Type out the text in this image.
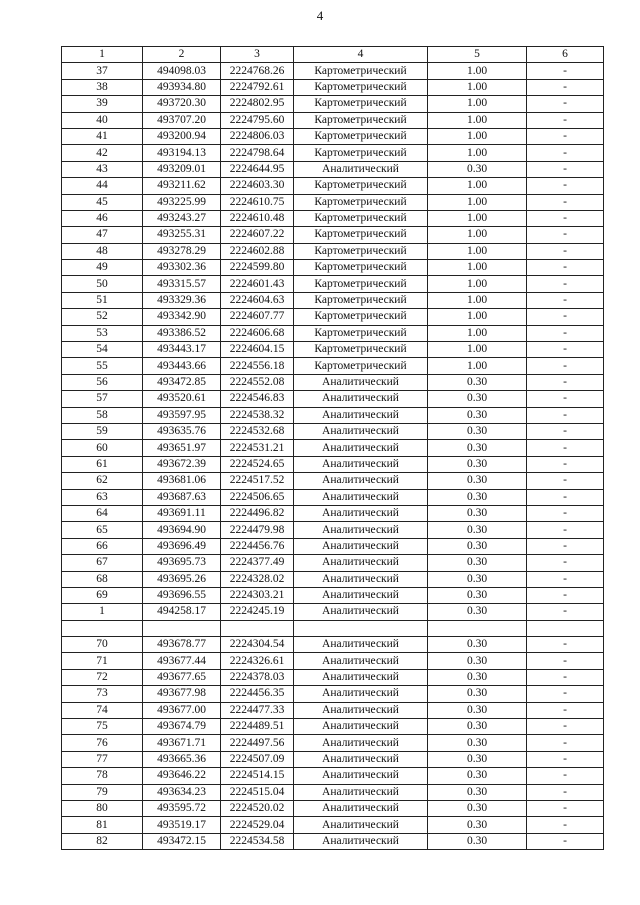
4
1	2	3	4	5	6
37	494098.03	2224768.26	Картометрический	1.00	-
38	493934.80	2224792.61	Картометрический	1.00	-
39	493720.30	2224802.95	Картометрический	1.00	-
40	493707.20	2224795.60	Картометрический	1.00	-
41	493200.94	2224806.03	Картометрический	1.00	-
42	493194.13	2224798.64	Картометрический	1.00	-
43	493209.01	2224644.95	Аналитический	0.30	-
44	493211.62	2224603.30	Картометрический	1.00	-
45	493225.99	2224610.75	Картометрический	1.00	-
46	493243.27	2224610.48	Картометрический	1.00	-
47	493255.31	2224607.22	Картометрический	1.00	-
48	493278.29	2224602.88	Картометрический	1.00	-
49	493302.36	2224599.80	Картометрический	1.00	-
50	493315.57	2224601.43	Картометрический	1.00	-
51	493329.36	2224604.63	Картометрический	1.00	-
52	493342.90	2224607.77	Картометрический	1.00	-
53	493386.52	2224606.68	Картометрический	1.00	-
54	493443.17	2224604.15	Картометрический	1.00	-
55	493443.66	2224556.18	Картометрический	1.00	-
56	493472.85	2224552.08	Аналитический	0.30	-
57	493520.61	2224546.83	Аналитический	0.30	-
58	493597.95	2224538.32	Аналитический	0.30	-
59	493635.76	2224532.68	Аналитический	0.30	-
60	493651.97	2224531.21	Аналитический	0.30	-
61	493672.39	2224524.65	Аналитический	0.30	-
62	493681.06	2224517.52	Аналитический	0.30	-
63	493687.63	2224506.65	Аналитический	0.30	-
64	493691.11	2224496.82	Аналитический	0.30	-
65	493694.90	2224479.98	Аналитический	0.30	-
66	493696.49	2224456.76	Аналитический	0.30	-
67	493695.73	2224377.49	Аналитический	0.30	-
68	493695.26	2224328.02	Аналитический	0.30	-
69	493696.55	2224303.21	Аналитический	0.30	-
1	494258.17	2224245.19	Аналитический	0.30	-

70	493678.77	2224304.54	Аналитический	0.30	-
71	493677.44	2224326.61	Аналитический	0.30	-
72	493677.65	2224378.03	Аналитический	0.30	-
73	493677.98	2224456.35	Аналитический	0.30	-
74	493677.00	2224477.33	Аналитический	0.30	-
75	493674.79	2224489.51	Аналитический	0.30	-
76	493671.71	2224497.56	Аналитический	0.30	-
77	493665.36	2224507.09	Аналитический	0.30	-
78	493646.22	2224514.15	Аналитический	0.30	-
79	493634.23	2224515.04	Аналитический	0.30	-
80	493595.72	2224520.02	Аналитический	0.30	-
81	493519.17	2224529.04	Аналитический	0.30	-
82	493472.15	2224534.58	Аналитический	0.30	-
